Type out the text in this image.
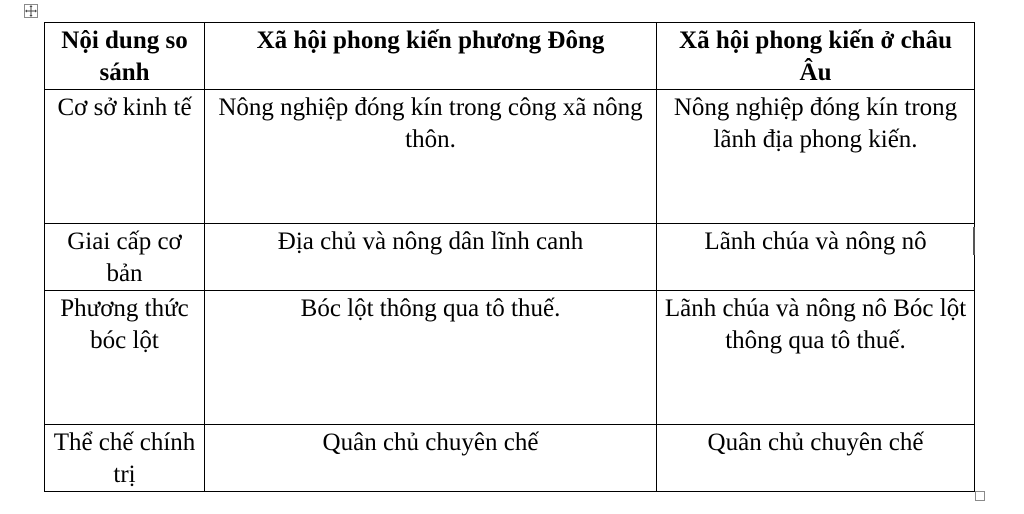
Nội dung so sánh	Xã hội phong kiến phương Đông	Xã hội phong kiến ở châu Âu
Cơ sở kinh tế	Nông nghiệp đóng kín trong công xã nông thôn.	Nông nghiệp đóng kín trong lãnh địa phong kiến.
Giai cấp cơ bản	Địa chủ và nông dân lĩnh canh	Lãnh chúa và nông nô
Phương thức bóc lột	Bóc lột thông qua tô thuế.	Lãnh chúa và nông nô Bóc lột thông qua tô thuế.
Thể chế chính trị	Quân chủ chuyên chế	Quân chủ chuyên chế
